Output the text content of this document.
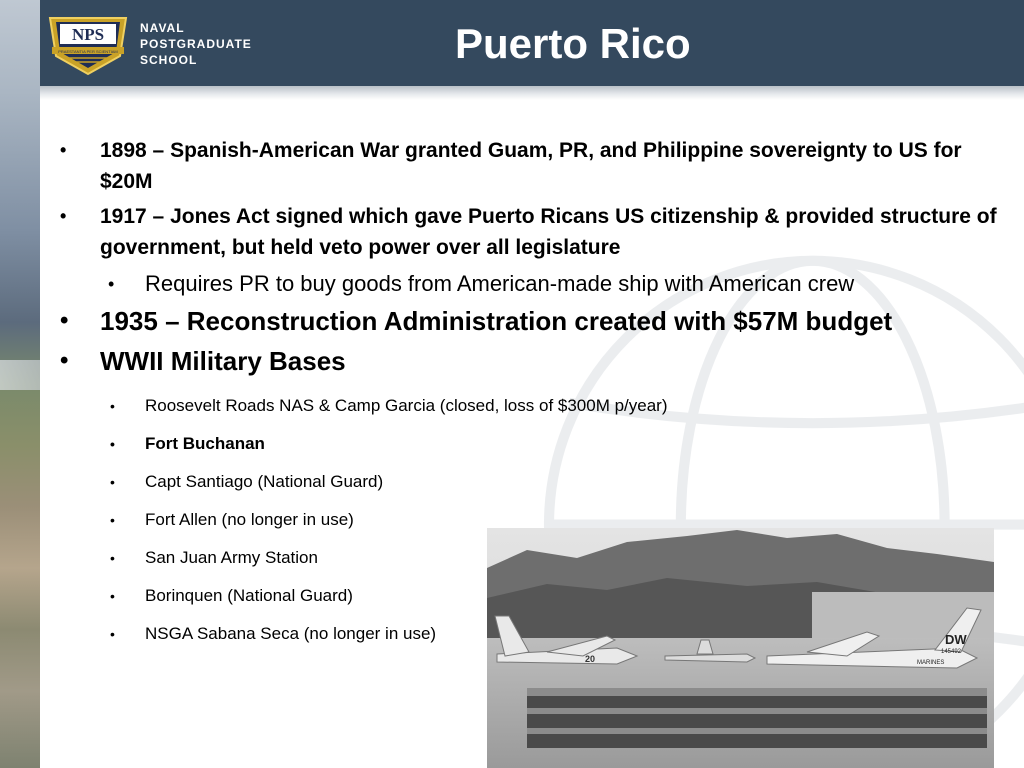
NPS
PRAESTANTIA PER SCIENTIAM
NAVAL
POSTGRADUATE
SCHOOL	Puerto Rico
• 1898 – Spanish-American War granted Guam, PR, and Philippine sovereignty to US for $20M
• 1917 – Jones Act signed which gave Puerto Ricans US citizenship & provided structure of government, but held veto power over all legislature
• Requires PR to buy goods from American-made ship with American crew
• 1935 – Reconstruction Administration created with $57M budget
• WWII Military Bases
• Roosevelt Roads NAS & Camp Garcia (closed, loss of $300M p/year)
• Fort Buchanan
• Capt Santiago (National Guard)
• Fort Allen (no longer in use)
• San Juan Army Station
• Borinquen (National Guard)
• NSGA Sabana Seca (no longer in use)
20
DW
145492
MARINES
